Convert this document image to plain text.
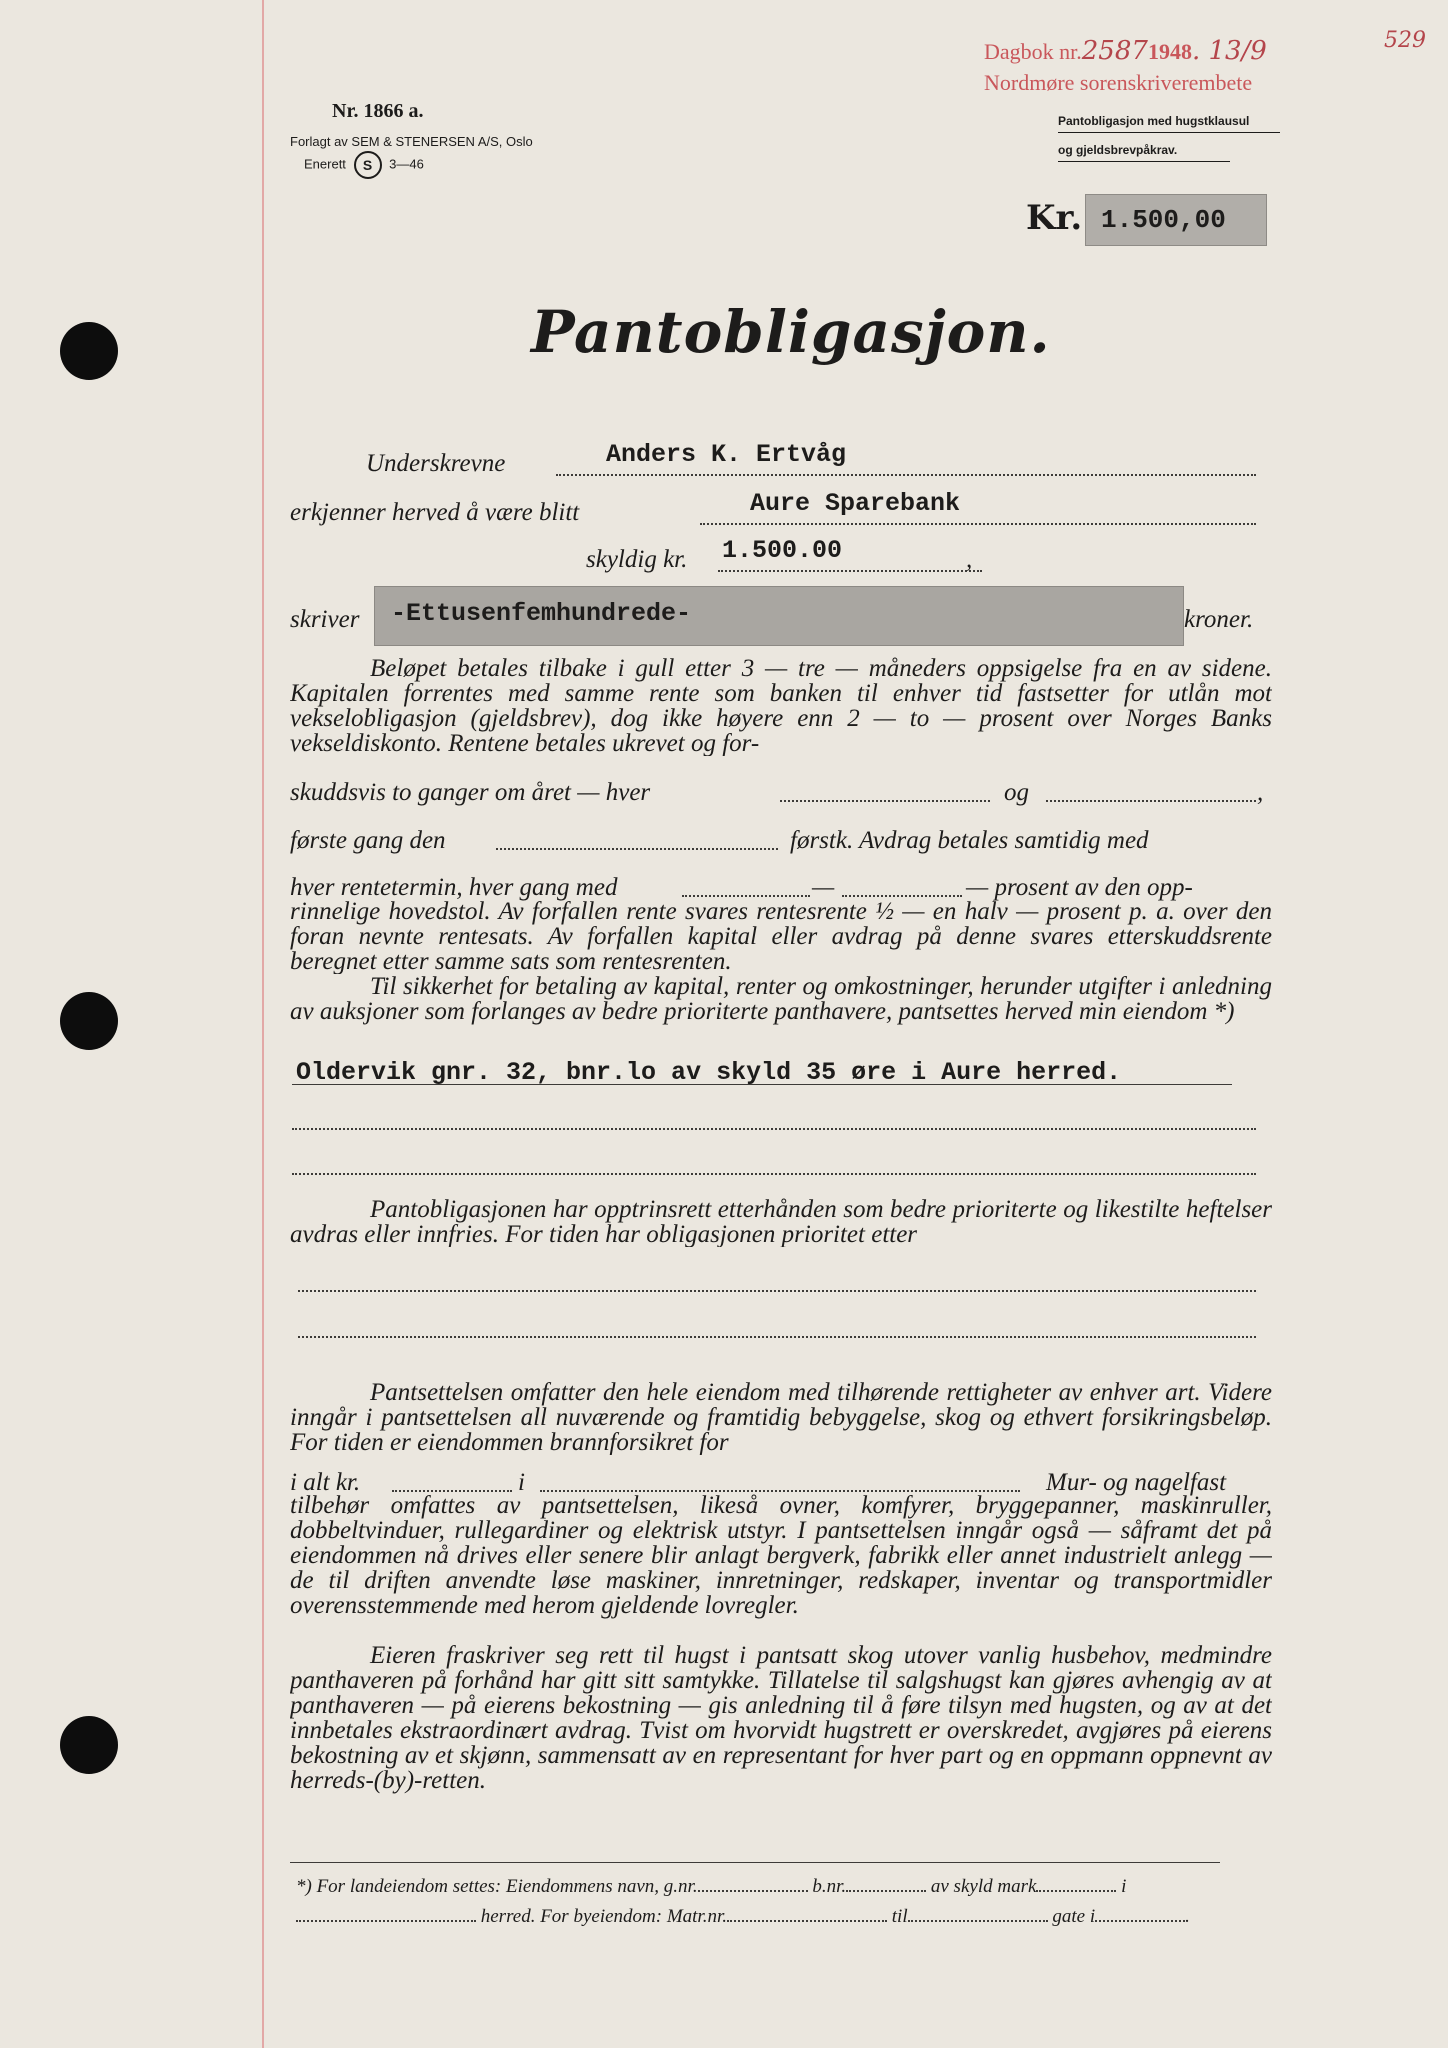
Dagbok nr.25871948. 13/9	529
Nordmøre sorenskriverembete
Nr. 1866 a.
Forlagt av SEM & STENERSEN A/S, Oslo
Enerett S 3—46
Pantobligasjon med hugstklausul
og gjeldsbrevpåkrav.
Kr. 1.500,00
Pantobligasjon.
Underskrevne	Anders K. Ertvåg
erkjenner herved å være blitt	Aure Sparebank
skyldig kr. 1.500.00	,
skriver	-Ettusenfemhundrede-	kroner.

Beløpet betales tilbake i gull etter 3 — tre — måneders oppsigelse fra en av sidene. Kapitalen forrentes med samme rente som banken til enhver tid fastsetter for utlån mot vekselobligasjon (gjeldsbrev), dog ikke høyere enn 2 — to — prosent over Norges Banks vekseldiskonto. Rentene betales ukrevet og for-

skuddsvis to ganger om året — hver	og	,
første gang den	førstk. Avdrag betales samtidig med
hver rentetermin, hver gang med	—	— prosent av den opp-

rinnelige hovedstol. Av forfallen rente svares rentesrente ½ — en halv — prosent p. a. over den foran nevnte rentesats. Av forfallen kapital eller avdrag på denne svares etterskuddsrente beregnet etter samme sats som rentesrenten.

Til sikkerhet for betaling av kapital, renter og omkostninger, herunder utgifter i anledning av auksjoner som forlanges av bedre prioriterte panthavere, pantsettes herved min eiendom *)

Oldervik gnr. 32, bnr.lo av skyld 35 øre i Aure herred.

Pantobligasjonen har opptrinsrett etterhånden som bedre prioriterte og likestilte heftelser avdras eller innfries. For tiden har obligasjonen prioritet etter

Pantsettelsen omfatter den hele eiendom med tilhørende rettigheter av enhver art. Videre inngår i pantsettelsen all nuværende og framtidig bebyggelse, skog og ethvert forsikringsbeløp. For tiden er eiendommen brannforsikret for

i alt kr.	i	Mur- og nagelfast

tilbehør omfattes av pantsettelsen, likeså ovner, komfyrer, bryggepanner, maskinruller, dobbeltvinduer, rullegardiner og elektrisk utstyr. I pantsettelsen inngår også — såframt det på eiendommen nå drives eller senere blir anlagt bergverk, fabrikk eller annet industrielt anlegg — de til driften anvendte løse maskiner, innretninger, redskaper, inventar og transportmidler overensstemmende med herom gjeldende lovregler.

Eieren fraskriver seg rett til hugst i pantsatt skog utover vanlig husbehov, medmindre panthaveren på forhånd har gitt sitt samtykke. Tillatelse til salgshugst kan gjøres avhengig av at panthaveren — på eierens bekostning — gis anledning til å føre tilsyn med hugsten, og av at det innbetales ekstraordinært avdrag. Tvist om hvorvidt hugstrett er overskredet, avgjøres på eierens bekostning av et skjønn, sammensatt av en representant for hver part og en oppmann oppnevnt av herreds-(by)-retten.

*) For landeiendom settes: Eiendommens navn, g.nr.	b.nr.	av skyld mark	i
herred. For byeiendom: Matr.nr.	til	gate i	.
